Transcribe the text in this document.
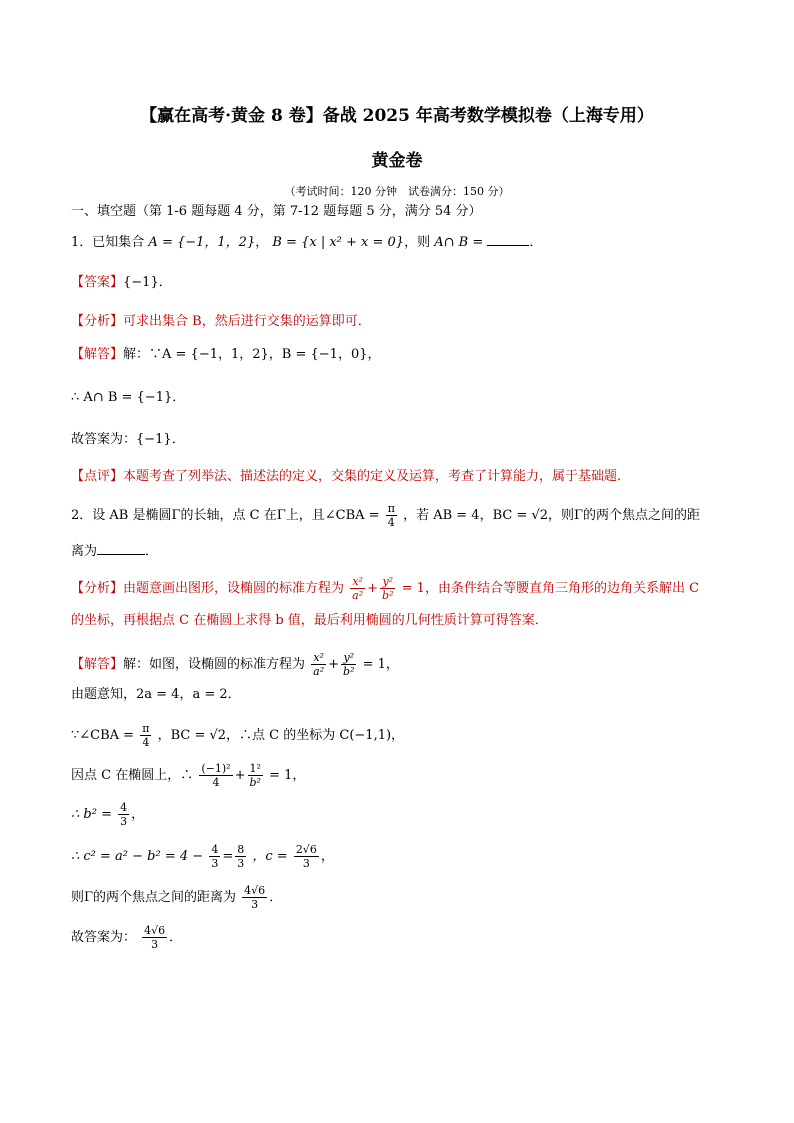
【赢在高考·黄金 8 卷】备战 2025 年高考数学模拟卷（上海专用）
黄金卷
（考试时间：120 分钟　试卷满分：150 分）
一、填空题（第 1-6 题每题 4 分，第 7-12 题每题 5 分，满分 54 分）
1．已知集合 A = {−1，1，2}， B = {x | x² + x = 0}，则 A∩ B =	．
【答案】{−1}．
【分析】可求出集合 B，然后进行交集的运算即可．
【解答】解：∵A = {−1，1，2}，B = {−1，0}，
∴ A∩ B = {−1}．
故答案为：{−1}．
【点评】本题考查了列举法、描述法的定义，交集的定义及运算，考查了计算能力，属于基础题．
2．设 AB 是椭圆Γ的长轴，点 C 在Γ上，且∠CBA = $\frac{\pi}{4}$ ，若 AB = 4，BC = √2，则Γ的两个焦点之间的距
离为	．
【分析】由题意画出图形，设椭圆的标准方程为 $\frac{\text{x²}}{\text{a²}} + \frac{\text{y²}}{\text{b²}} = 1$，由条件结合等腰直角三角形的边角关系解出 C
的坐标，再根据点 C 在椭圆上求得 b 值，最后利用椭圆的几何性质计算可得答案．
【解答】解：如图，设椭圆的标准方程为 $\frac{\text{x²}}{\text{a²}} + \frac{\text{y²}}{\text{b²}} = 1$，
由题意知，2a = 4，a = 2．
∵∠CBA = $\frac{\pi}{4}$ ，BC = √2，∴点 C 的坐标为 C(−1,1)，
因点 C 在椭圆上，∴ $\frac{\text{(−1)²}}{4} + \frac{\text{1²}}{\text{b²}} = 1$，
∴ $b^2 = \frac{4}{3}$ ，
∴ $c^2 = a^2 - b^2 = 4 - \frac{4}{3} = \frac{8}{3}$ ，$c = \frac{2√6}{3}$ ，
则Γ的两个焦点之间的距离为 $\frac{4√6}{3}$ ．
故答案为： $\frac{4√6}{3}$ ．
